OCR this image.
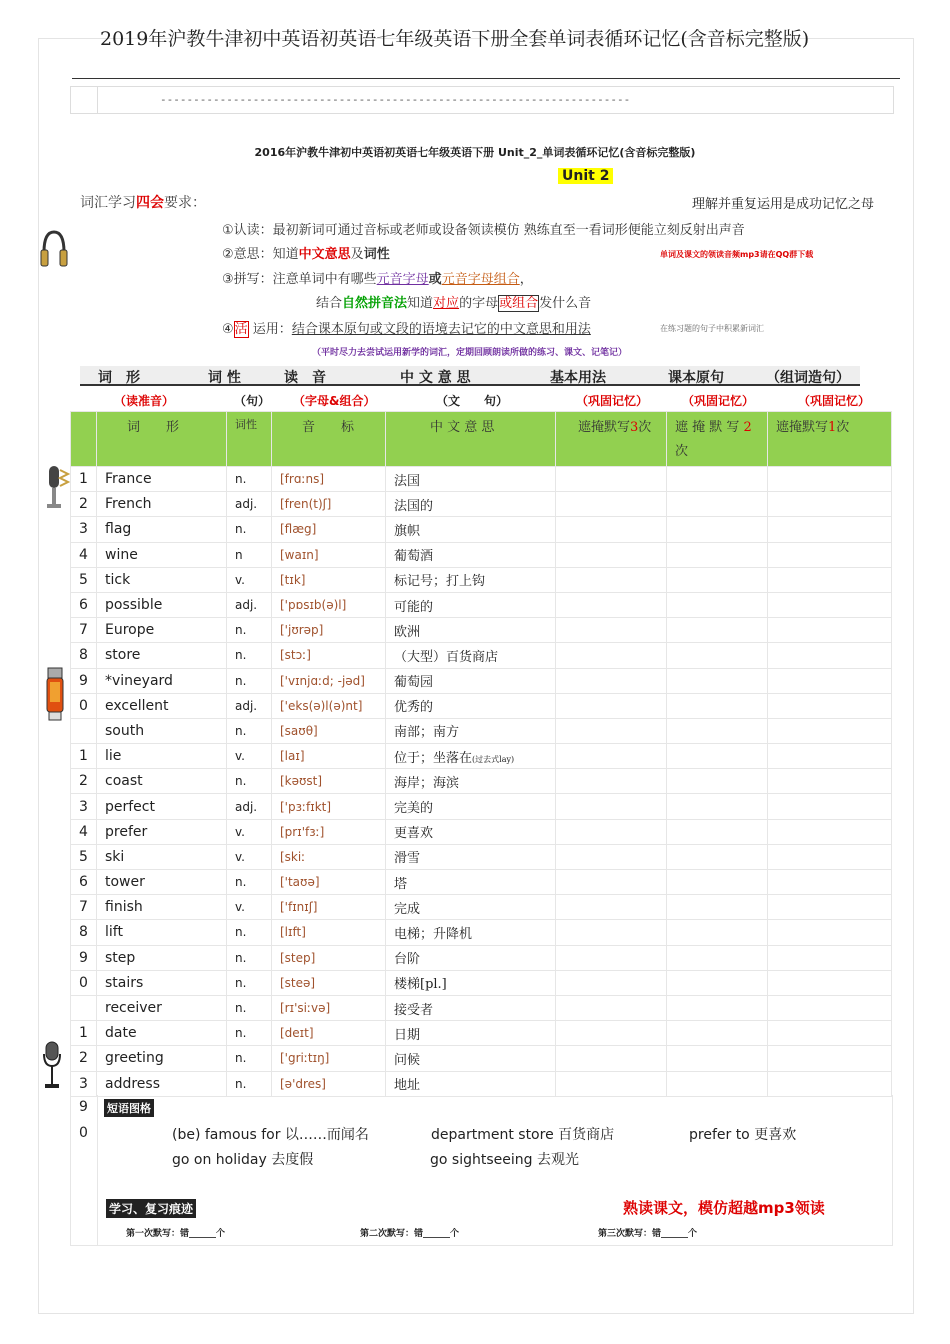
2019年沪教牛津初中英语初英语七年级英语下册全套单词表循环记忆(含音标完整版)
-----------------------------------------------------------------------
2016年沪教牛津初中英语初英语七年级英语下册 Unit_2_单词表循环记忆(含音标完整版)
Unit 2
词汇学习四会要求：	理解并重复运用是成功记忆之母
①认读：最初新词可通过音标或老师或设备领读模仿 熟练直至一看词形便能立刻反射出声音
②意思：知道中文意思及词性	单词及课文的领读音频mp3请在QQ群下载
③拼写：注意单词中有哪些元音字母或元音字母组合，
结合自然拼音法知道对应的字母或组合发什么音
④活 运用：结合课本原句或文段的语境去记它的中文意思和用法	在练习题的句子中积累新词汇
（平时尽力去尝试运用新学的词汇，定期回顾朗读所做的练习、课文、记笔记）
词　形	词 性	读　音	中 文 意 思	基本用法	课本原句	（组词造句）
（读准音）	（句） （字母&组合）	（文　　句）	（巩固记忆）	（巩固记忆）	（巩固记忆）
	词　　形	词性	音　　标	中 文 意 思	遮掩默写3次	遮 掩 默 写 2
次	遮掩默写1次
1	France	n.	[frɑːns]	法国			
2	French	adj.	[fren(t)ʃ]	法国的			
3	flag	n.	[flæg]	旗帜			
4	wine	n	[waɪn]	葡萄酒			
5	tick	v.	[tɪk]	标记号；打上钩			
6	possible	adj.	['pɒsɪb(ə)l]	可能的			
7	Europe	n.	['jʊrəp]	欧洲			
8	store	n.	[stɔː]	（大型）百货商店			
9	*vineyard	n.	['vɪnjɑːd; -jəd]	葡萄园			
0	excellent	adj.	['eks(ə)l(ə)nt]	优秀的			
	south	n.	[saʊθ]	南部；南方			
1	lie	v.	[laɪ]	位于；坐落在(过去式lay)			
2	coast	n.	[kəʊst]	海岸；海滨			
3	perfect	adj.	['pɜːfɪkt]	完美的			
4	prefer	v.	[prɪ'fɜː]	更喜欢			
5	ski	v.	[skiː	滑雪			
6	tower	n.	['taʊə]	塔			
7	finish	v.	['fɪnɪʃ]	完成			
8	lift	n.	[lɪft]	电梯；升降机			
9	step	n.	[step]	台阶			
0	stairs	n.	[steə]	楼梯[pl.]			
	receiver	n.	[rɪ'siːvə]	接受者			
1	date	n.	[deɪt]	日期			
2	greeting	n.	['griːtɪŋ]	问候			
3	address	n.	[ə'dres]	地址			
9
0
短语图格
(be) famous for 以……而闻名	department store 百货商店	prefer to 更喜欢
go on holiday 去度假	go sightseeing 去观光
学习、复习痕迹	熟读课文，模仿超越mp3领读
第一次默写：错______个	第二次默写：错______个	第三次默写：错______个
